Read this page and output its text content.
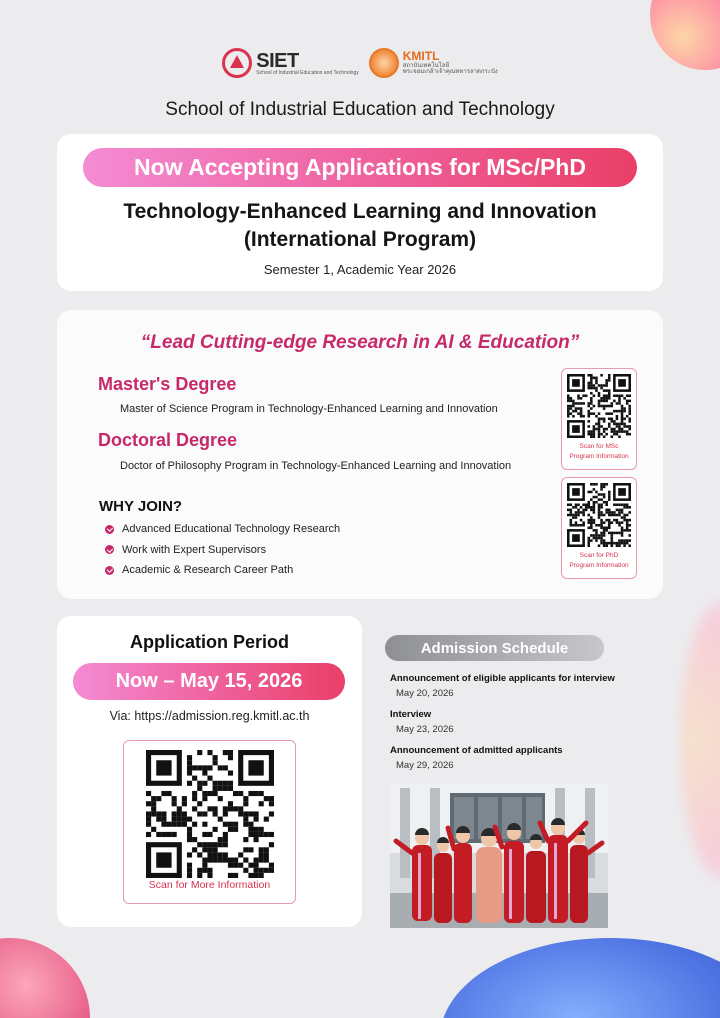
SIET
School of Industrial Education and Technology
KMITL
สถาบันเทคโนโลยี
พระจอมเกล้าเจ้าคุณทหารลาดกระบัง
School of Industrial Education and Technology
Now Accepting Applications for MSc/PhD
Technology-Enhanced Learning and Innovation
(International Program)
Semester 1, Academic Year 2026
“Lead Cutting-edge Research in AI & Education”
Master's Degree
Master of Science Program in Technology-Enhanced Learning and Innovation
Doctoral Degree
Doctor of Philosophy Program in Technology-Enhanced Learning and Innovation
WHY JOIN?
Advanced Educational Technology Research
Work with Expert Supervisors
Academic & Research Career Path
Scan for MSc
Program Information
Scan for PhD
Program Information
Application Period
Now – May 15, 2026
Via: https://admission.reg.kmitl.ac.th
Scan for More Information
Admission Schedule
Announcement of eligible applicants for interview
May 20, 2026
Interview
May 23, 2026
Announcement of admitted applicants
May 29, 2026
